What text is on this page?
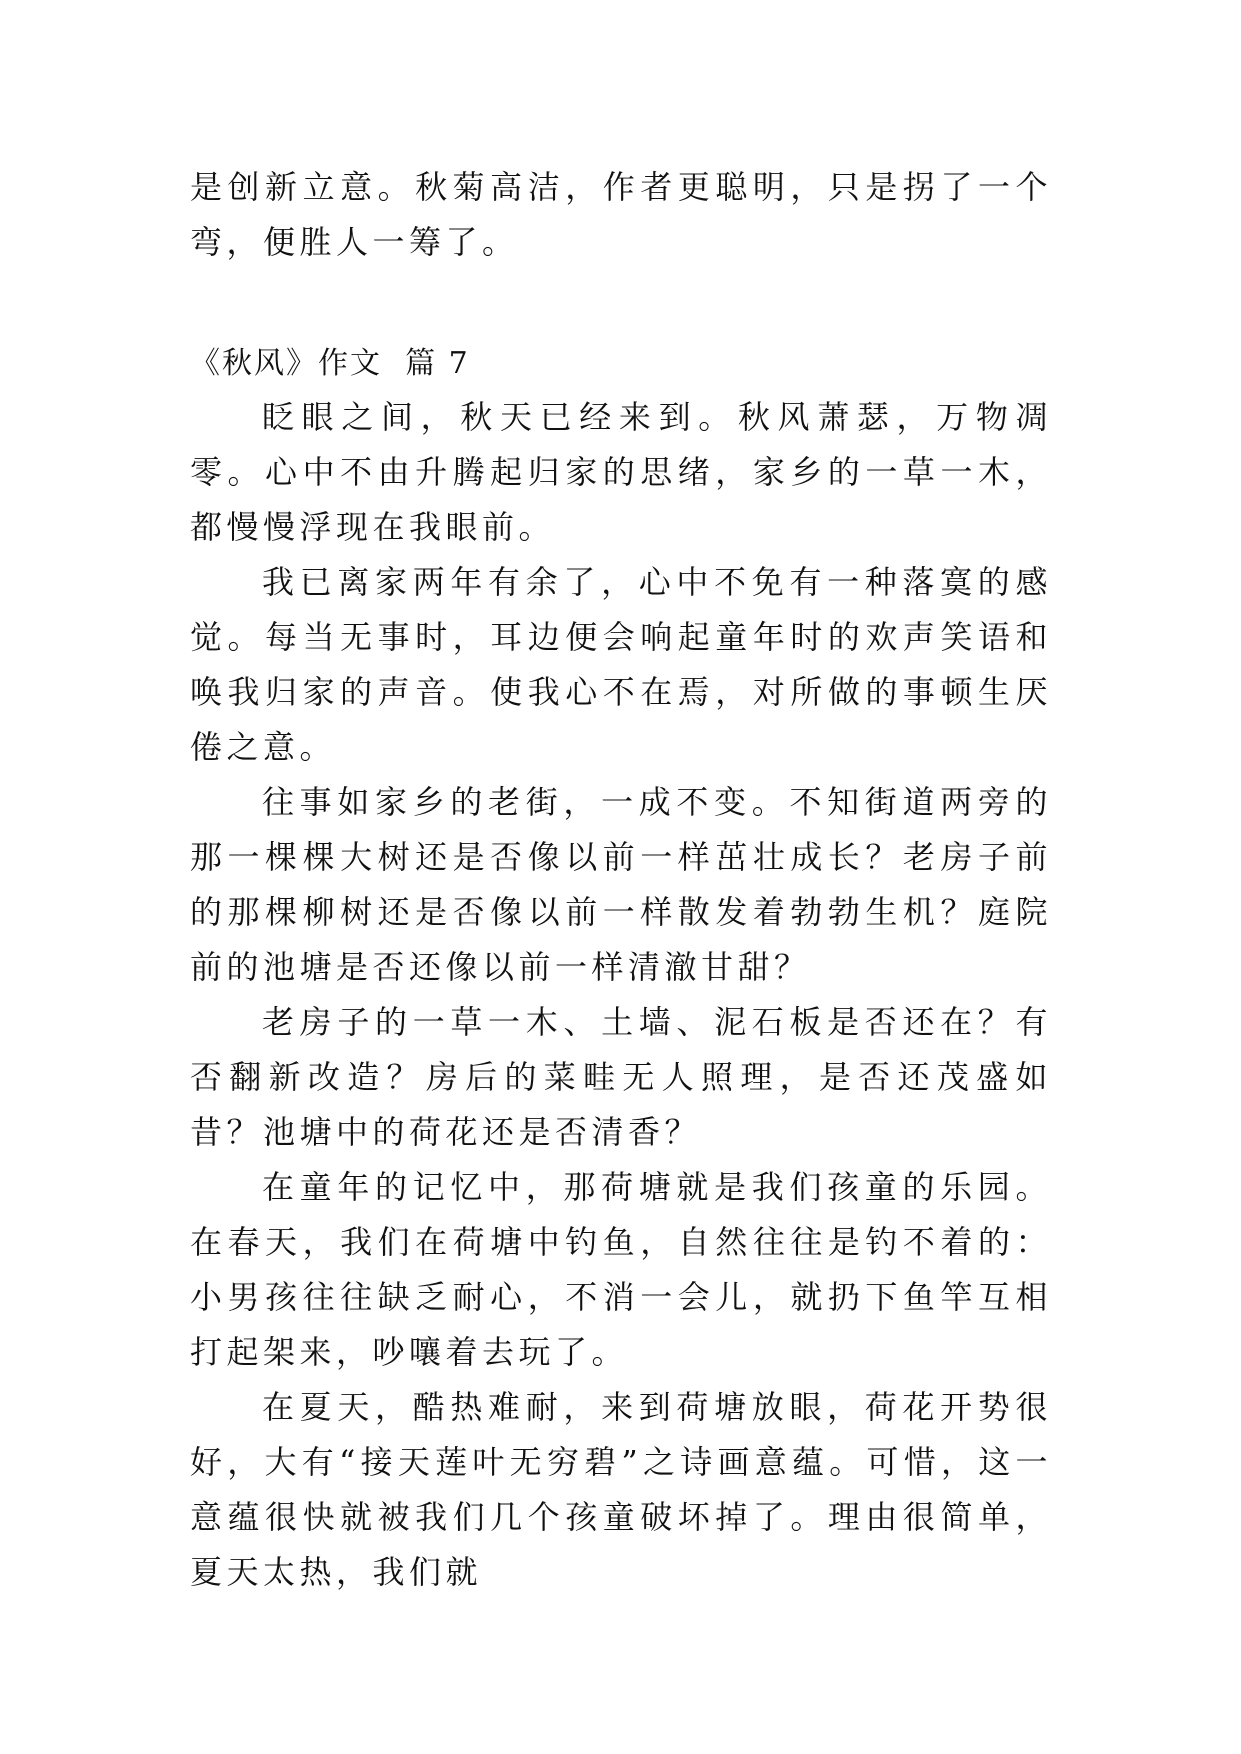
是创新立意。秋菊高洁，作者更聪明，只是拐了一个弯，便胜人一筹了。
《秋风》作文  篇 7

眨眼之间，秋天已经来到。秋风萧瑟，万物凋零。心中不由升腾起归家的思绪，家乡的一草一木，都慢慢浮现在我眼前。

我已离家两年有余了，心中不免有一种落寞的感觉。每当无事时，耳边便会响起童年时的欢声笑语和唤我归家的声音。使我心不在焉，对所做的事顿生厌倦之意。

往事如家乡的老街，一成不变。不知街道两旁的那一棵棵大树还是否像以前一样茁壮成长？老房子前的那棵柳树还是否像以前一样散发着勃勃生机？庭院前的池塘是否还像以前一样清澈甘甜？

老房子的一草一木、土墙、泥石板是否还在？有否翻新改造？房后的菜畦无人照理，是否还茂盛如昔？池塘中的荷花还是否清香？

在童年的记忆中，那荷塘就是我们孩童的乐园。在春天，我们在荷塘中钓鱼，自然往往是钓不着的：小男孩往往缺乏耐心，不消一会儿，就扔下鱼竿互相打起架来，吵嚷着去玩了。

在夏天，酷热难耐，来到荷塘放眼，荷花开势很好，大有“接天莲叶无穷碧”之诗画意蕴。可惜，这一意蕴很快就被我们几个孩童破坏掉了。理由很简单，夏天太热，我们就
